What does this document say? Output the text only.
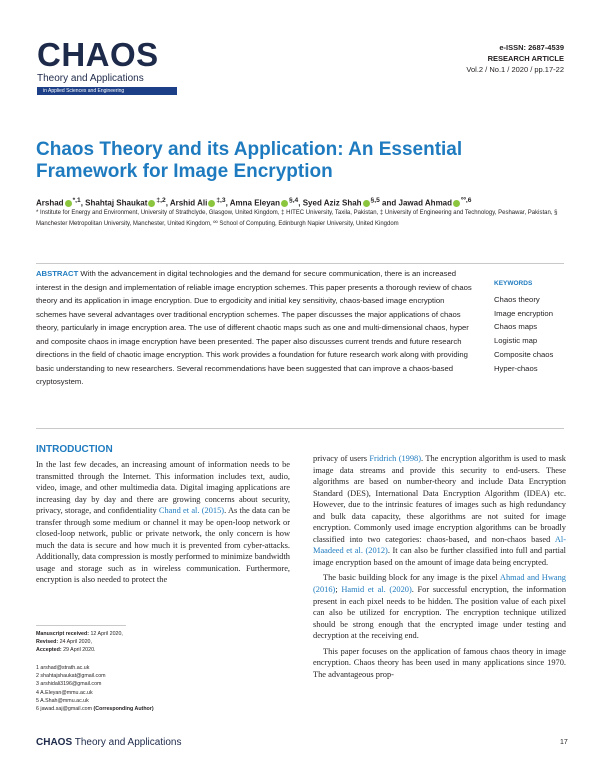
CHAOS
Theory and Applications
in Applied Sciences and Engineering
e-ISSN: 2687-4539
RESEARCH ARTICLE
Vol.2 / No.1 / 2020 / pp.17-22
Chaos Theory and its Application: An Essential Framework for Image Encryption
Arshad $^{*,1}$, Shahtaj Shaukat $^{\ddagger,2}$, Arshid Ali $^{\ddagger,3}$, Amna Eleyan $^{\S,4}$, Syed Aziz Shah $^{\S,5}$ and Jawad Ahmad $^{ºº,6}$
* Institute for Energy and Environment, University of Strathclyde, Glasgow, United Kingdom, ‡ HITEC University, Taxila, Pakistan, ‡ University of Engineering and Technology, Peshawar, Pakistan, § Manchester Metropolitan University, Manchester, United Kingdom, ºº School of Computing, Edinburgh Napier University, United Kingdom
ABSTRACT With the advancement in digital technologies and the demand for secure communication, there is an increased interest in the design and implementation of reliable image encryption schemes. This paper presents a thorough review of chaos theory and its application in image encryption. Due to ergodicity and initial key sensitivity, chaos-based image encryption schemes have several advantages over traditional encryption schemes. The paper discusses the major applications of chaos theory, particularly in image encryption area. The use of different chaotic maps such as one and multi-dimensional chaos, hyper and composite chaos in image encryption have been presented. The paper also discusses current trends and future research directions in the field of chaotic image encryption. This work provides a foundation for future research work along with providing basic understanding to new researchers. Several recommendations have been suggested that can improve a chaos-based cryptosystem.
KEYWORDS
Chaos theory
Image encryption
Chaos maps
Logistic map
Composite chaos
Hyper-chaos
INTRODUCTION
In the last few decades, an increasing amount of information needs to be transmitted through the Internet. This information includes text, audio, video, image, and other multimedia data. Digital imaging applications are increasing day by day and there are growing concerns about security, privacy, storage, and confidentiality Chand et al. (2015). As the data can be transfer through some medium or channel it may be open-loop network or closed-loop network, public or private network, the only concern is how much the data is secure and how much it is prevented from cyber-attacks. Additionally, data compression is mostly performed to minimize bandwidth usage and storage such as in wireless communication. Furthermore, encryption is also needed to protect the

privacy of users Fridrich (1998). The encryption algorithm is used to mask image data streams and provide this security to end-users. These algorithms are based on number-theory and include Data Encryption Standard (DES), International Data Encryption Algorithm (IDEA) etc. However, due to the intrinsic features of images such as high redundancy and bulk data capacity, these algorithms are not suited for image encryption. Commonly used image encryption algorithms can be broadly classified into two categories: chaos-based, and non-chaos based Al-Maadeed et al. (2012). It can also be further classified into full and partial image encryption based on the amount of image data being encrypted.

The basic building block for any image is the pixel Ahmad and Hwang (2016); Hamid et al. (2020). For successful encryption, the information present in each pixel needs to be hidden. The position value of each pixel can also be utilized for encryption. The encryption technique utilized should be strong enough that the encrypted image under testing and decryption at the receiving end.

This paper focuses on the application of famous chaos theory in image encryption. Chaos theory has been used in many applications since 1970. The advantageous prop-

Manuscript received: 12 April 2020,
Revised: 24 April 2020,
Accepted: 29 April 2020.
1 arshad@strath.ac.uk
2 shahtajshaukat@gmail.com
3 arshidali3196@gmail.com
4 A.Eleyan@mmu.ac.uk
5 A.Shah@mmu.ac.uk
6 jawad.saj@gmail.com (Corresponding Author)
CHAOS Theory and Applications	17
